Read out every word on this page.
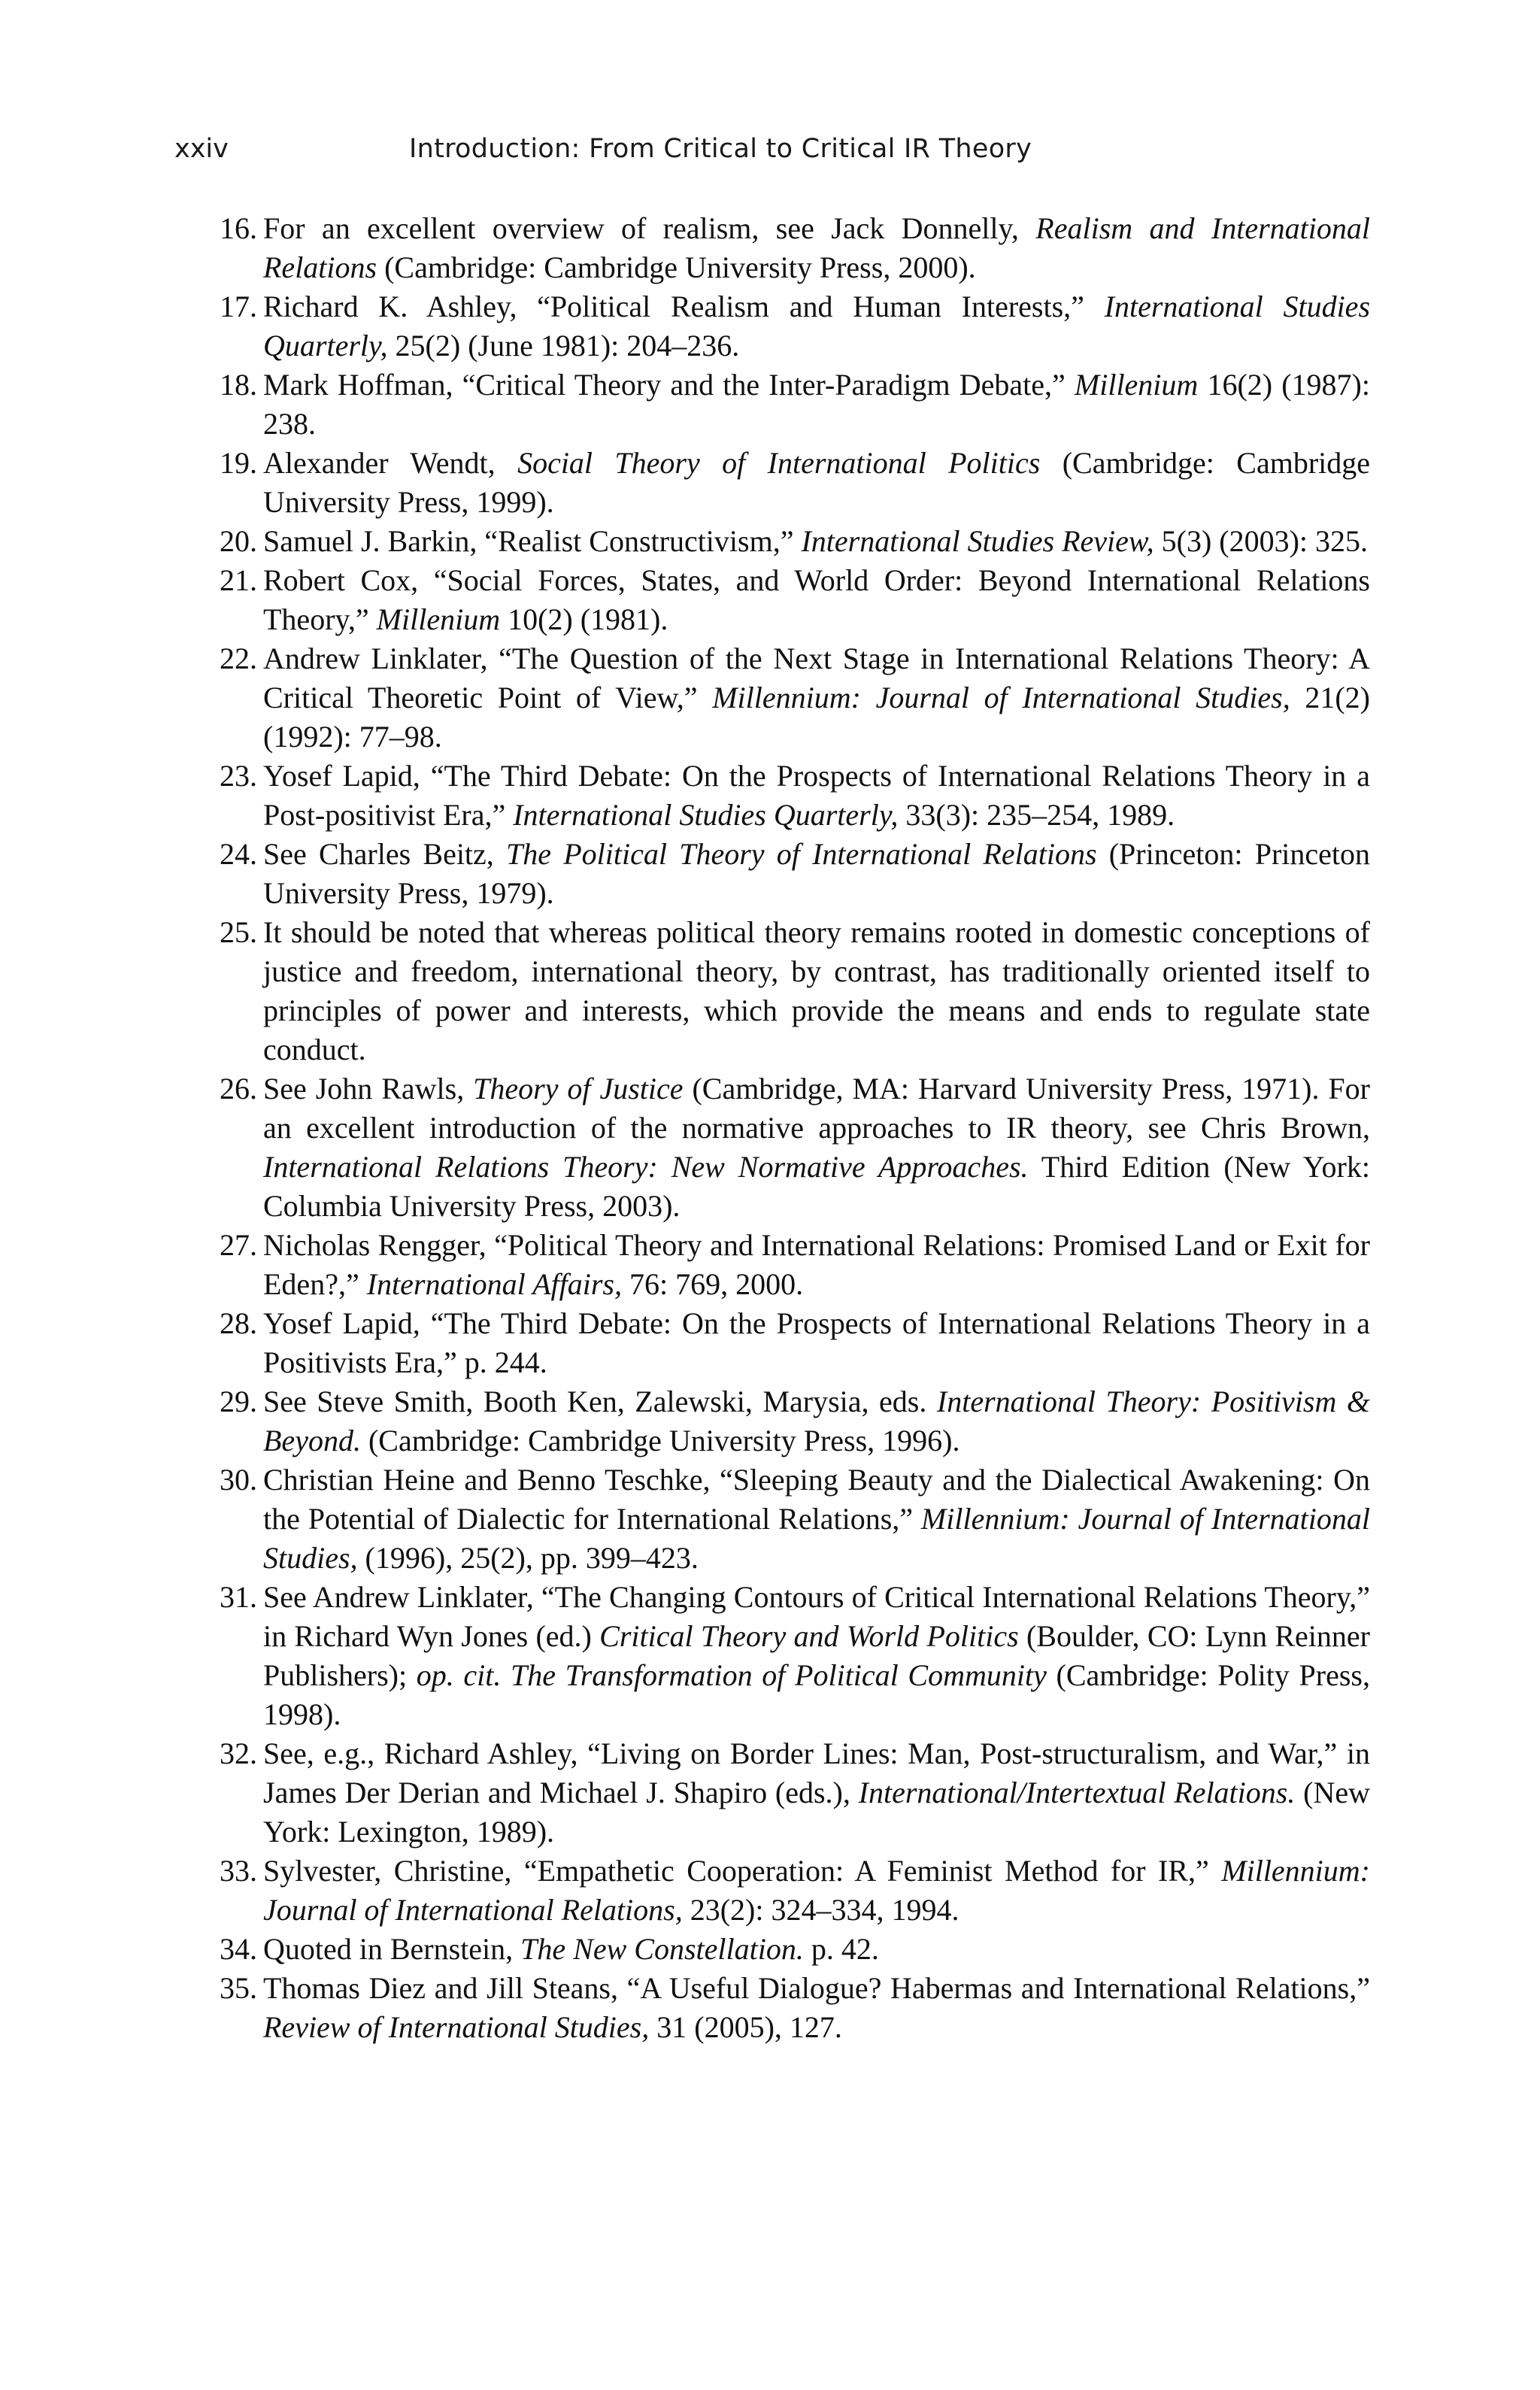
xxiv	Introduction: From Critical to Critical IR Theory

16. For an excellent overview of realism, see Jack Donnelly, Realism and International Relations (Cambridge: Cambridge University Press, 2000).

17. Richard K. Ashley, “Political Realism and Human Interests,” International Studies Quarterly, 25(2) (June 1981): 204–236.

18. Mark Hoffman, “Critical Theory and the Inter-Paradigm Debate,” Millenium 16(2) (1987): 238.

19. Alexander Wendt, Social Theory of International Politics (Cambridge: Cambridge University Press, 1999).

20. Samuel J. Barkin, “Realist Constructivism,” International Studies Review, 5(3) (2003): 325.

21. Robert Cox, “Social Forces, States, and World Order: Beyond International Relations Theory,” Millenium 10(2) (1981).

22. Andrew Linklater, “The Question of the Next Stage in International Relations Theory: A Critical Theoretic Point of View,” Millennium: Journal of International Studies, 21(2) (1992): 77–98.

23. Yosef Lapid, “The Third Debate: On the Prospects of International Relations Theory in a Post-positivist Era,” International Studies Quarterly, 33(3): 235–254, 1989.

24. See Charles Beitz, The Political Theory of International Relations (Princeton: Princeton University Press, 1979).

25. It should be noted that whereas political theory remains rooted in domestic conceptions of justice and freedom, international theory, by contrast, has traditionally oriented itself to principles of power and interests, which provide the means and ends to regulate state conduct.

26. See John Rawls, Theory of Justice (Cambridge, MA: Harvard University Press, 1971). For an excellent introduction of the normative approaches to IR theory, see Chris Brown, International Relations Theory: New Normative Approaches. Third Edition (New York: Columbia University Press, 2003).

27. Nicholas Rengger, “Political Theory and International Relations: Promised Land or Exit for Eden?,” International Affairs, 76: 769, 2000.

28. Yosef Lapid, “The Third Debate: On the Prospects of International Relations Theory in a Positivists Era,” p. 244.

29. See Steve Smith, Booth Ken, Zalewski, Marysia, eds. International Theory: Positivism & Beyond. (Cambridge: Cambridge University Press, 1996).

30. Christian Heine and Benno Teschke, “Sleeping Beauty and the Dialectical Awakening: On the Potential of Dialectic for International Relations,” Millennium: Journal of International Studies, (1996), 25(2), pp. 399–423.

31. See Andrew Linklater, “The Changing Contours of Critical International Relations Theory,” in Richard Wyn Jones (ed.) Critical Theory and World Politics (Boulder, CO: Lynn Reinner Publishers); op. cit. The Transformation of Political Community (Cambridge: Polity Press, 1998).

32. See, e.g., Richard Ashley, “Living on Border Lines: Man, Post-structuralism, and War,” in James Der Derian and Michael J. Shapiro (eds.), International/Intertextual Relations. (New York: Lexington, 1989).

33. Sylvester, Christine, “Empathetic Cooperation: A Feminist Method for IR,” Millennium: Journal of International Relations, 23(2): 324–334, 1994.

34. Quoted in Bernstein, The New Constellation. p. 42.

35. Thomas Diez and Jill Steans, “A Useful Dialogue? Habermas and International Relations,” Review of International Studies, 31 (2005), 127.
